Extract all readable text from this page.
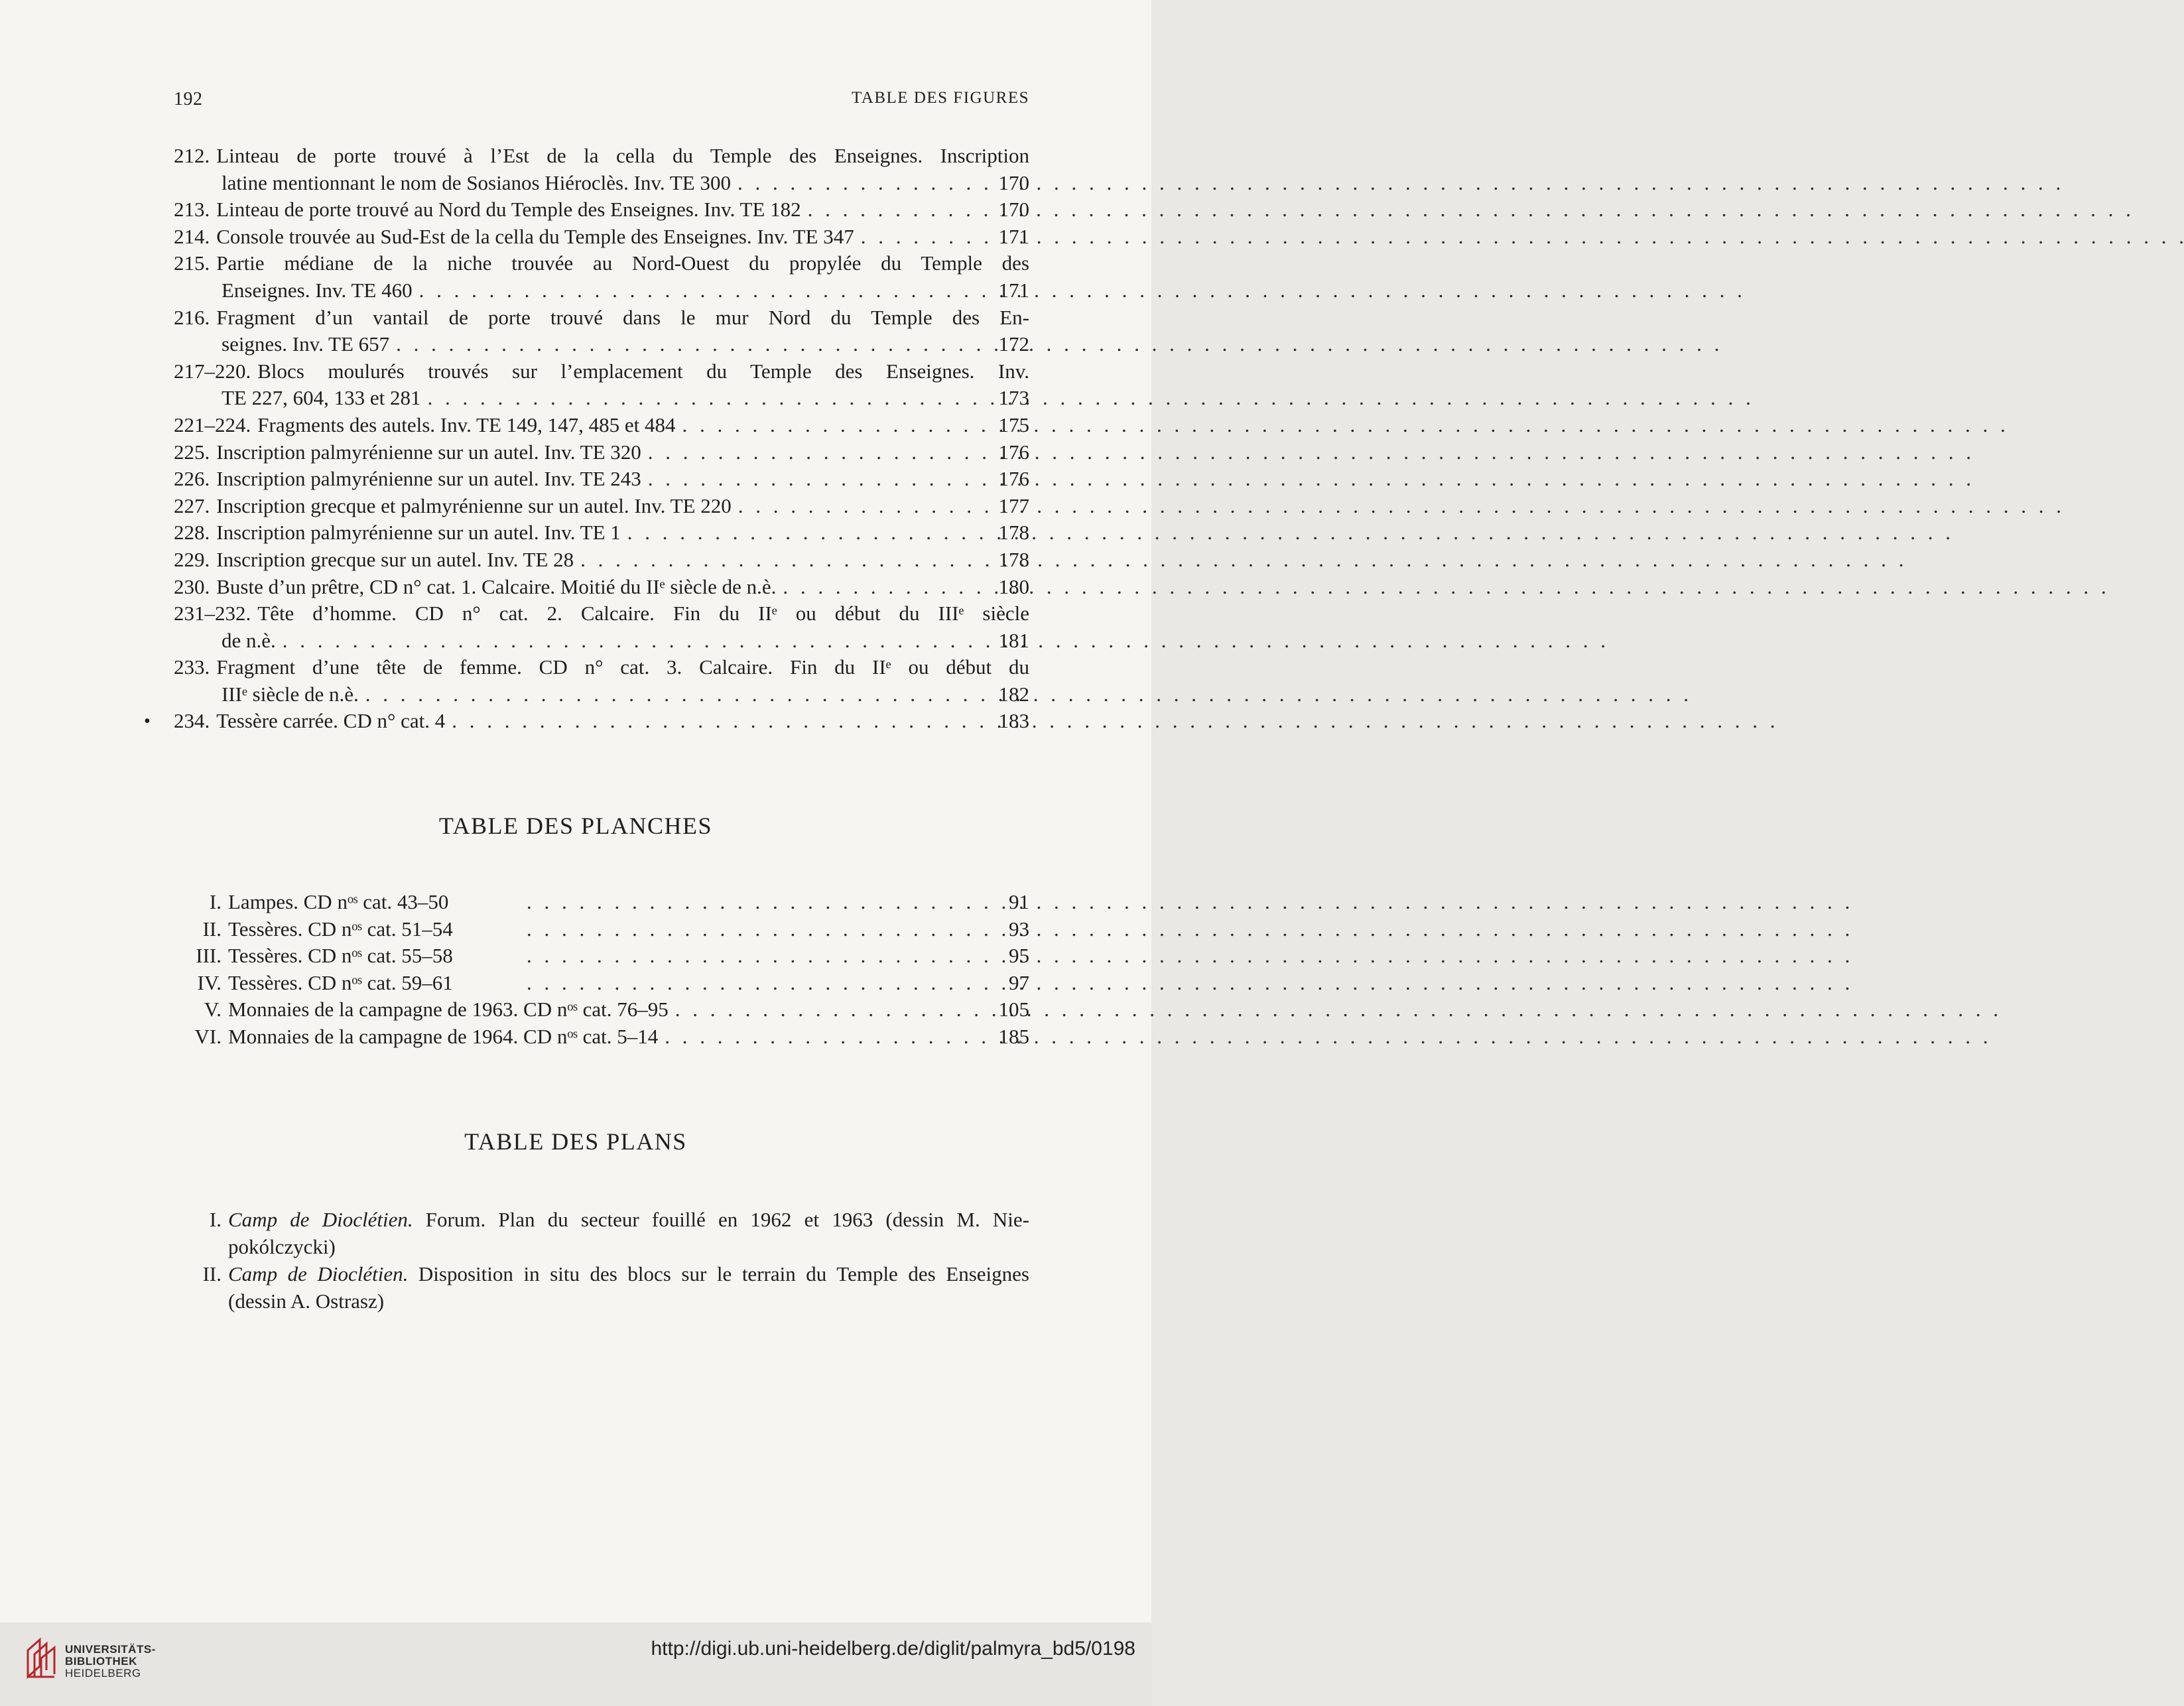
192	TABLE DES FIGURES
•
212. Linteau de porte trouvé à l’Est de la cella du Temple des Enseignes. Inscription
latine mentionnant le nom de Sosianos Hiéroclès. Inv. TE 300 . . .	170
213. Linteau de porte trouvé au Nord du Temple des Enseignes. Inv. TE 182 . . .	170
214. Console trouvée au Sud-Est de la cella du Temple des Enseignes. Inv. TE 347 . . .	171
215. Partie médiane de la niche trouvée au Nord-Ouest du propylée du Temple des
Enseignes. Inv. TE 460 . . .	171
216. Fragment d’un vantail de porte trouvé dans le mur Nord du Temple des En-
seignes. Inv. TE 657 . . .	172
217–220. Blocs moulurés trouvés sur l’emplacement du Temple des Enseignes. Inv.
TE 227, 604, 133 et 281 . . .	173
221–224. Fragments des autels. Inv. TE 149, 147, 485 et 484 . . .	175
225. Inscription palmyrénienne sur un autel. Inv. TE 320 . . .	176
226. Inscription palmyrénienne sur un autel. Inv. TE 243 . . .	176
227. Inscription grecque et palmyrénienne sur un autel. Inv. TE 220 . . .	177
228. Inscription palmyrénienne sur un autel. Inv. TE 1 . . .	178
229. Inscription grecque sur un autel. Inv. TE 28 . . .	178
230. Buste d’un prêtre, CD n° cat. 1. Calcaire. Moitié du IIᵉ siècle de n.è. . . .	180
231–232. Tête d’homme. CD n° cat. 2. Calcaire. Fin du IIᵉ ou début du IIIᵉ siècle
de n.è. . . .	181
233. Fragment d’une tête de femme. CD n° cat. 3. Calcaire. Fin du IIᵉ ou début du
IIIᵉ siècle de n.è. . . .	182
234. Tessère carrée. CD n° cat. 4 . . .	183
TABLE DES PLANCHES
I. Lampes. CD nᵒˢ cat. 43–50 . . .	91
II. Tessères. CD nᵒˢ cat. 51–54 . . .	93
III. Tessères. CD nᵒˢ cat. 55–58 . . .	95
IV. Tessères. CD nᵒˢ cat. 59–61 . . .	97
V. Monnaies de la campagne de 1963. CD nᵒˢ cat. 76–95 . . .	105
VI. Monnaies de la campagne de 1964. CD nᵒˢ cat. 5–14 . . .	185
TABLE DES PLANS
I. Camp de Dioclétien. Forum. Plan du secteur fouillé en 1962 et 1963 (dessin M. Nie-
pokólczycki)
II. Camp de Dioclétien. Disposition in situ des blocs sur le terrain du Temple des Enseignes
(dessin A. Ostrasz)
UNIVERSITÄTS-
BIBLIOTHEK
HEIDELBERG
http://digi.ub.uni-heidelberg.de/diglit/palmyra_bd5/0198
